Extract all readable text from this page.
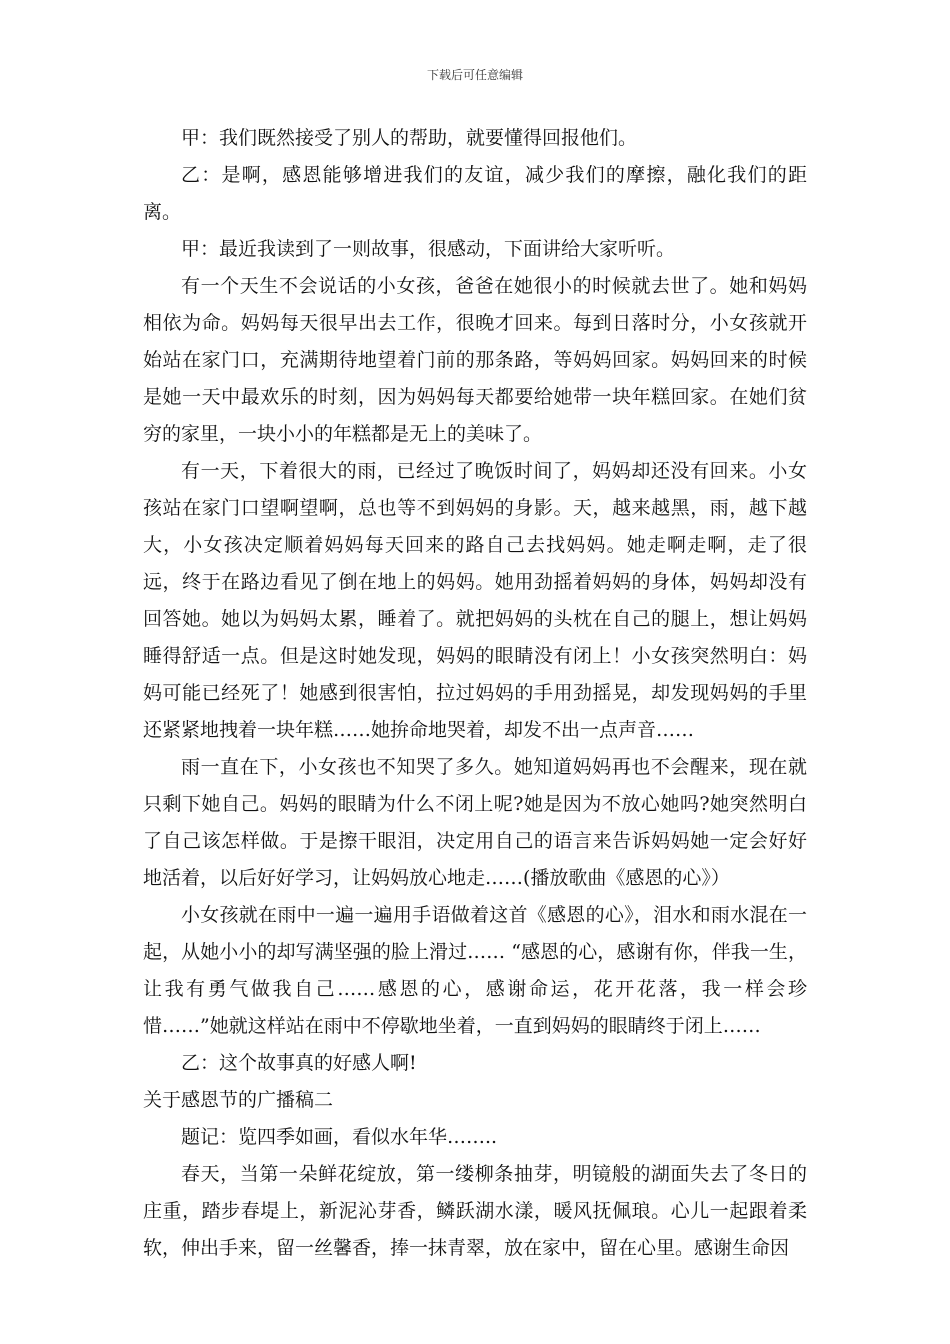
下载后可任意编辑

甲：我们既然接受了别人的帮助，就要懂得回报他们。

乙：是啊，感恩能够增进我们的友谊，减少我们的摩擦，融化我们的距离。

甲：最近我读到了一则故事，很感动，下面讲给大家听听。

有一个天生不会说话的小女孩，爸爸在她很小的时候就去世了。她和妈妈相依为命。妈妈每天很早出去工作，很晚才回来。每到日落时分，小女孩就开始站在家门口，充满期待地望着门前的那条路，等妈妈回家。妈妈回来的时候是她一天中最欢乐的时刻，因为妈妈每天都要给她带一块年糕回家。在她们贫穷的家里，一块小小的年糕都是无上的美味了。

有一天，下着很大的雨，已经过了晚饭时间了，妈妈却还没有回来。小女孩站在家门口望啊望啊，总也等不到妈妈的身影。天，越来越黑，雨，越下越大，小女孩决定顺着妈妈每天回来的路自己去找妈妈。她走啊走啊，走了很远，终于在路边看见了倒在地上的妈妈。她用劲摇着妈妈的身体，妈妈却没有回答她。她以为妈妈太累，睡着了。就把妈妈的头枕在自己的腿上，想让妈妈睡得舒适一点。但是这时她发现，妈妈的眼睛没有闭上！小女孩突然明白：妈妈可能已经死了！她感到很害怕，拉过妈妈的手用劲摇晃，却发现妈妈的手里还紧紧地拽着一块年糕……她拚命地哭着，却发不出一点声音……

雨一直在下，小女孩也不知哭了多久。她知道妈妈再也不会醒来，现在就只剩下她自己。妈妈的眼睛为什么不闭上呢?她是因为不放心她吗?她突然明白了自己该怎样做。于是擦干眼泪，决定用自己的语言来告诉妈妈她一定会好好地活着，以后好好学习，让妈妈放心地走……(播放歌曲《感恩的心》）

小女孩就在雨中一遍一遍用手语做着这首《感恩的心》，泪水和雨水混在一起，从她小小的却写满坚强的脸上滑过…… “感恩的心，感谢有你，伴我一生，让我有勇气做我自己……感恩的心，感谢命运，花开花落，我一样会珍惜……”她就这样站在雨中不停歇地坐着，一直到妈妈的眼睛终于闭上……

乙：这个故事真的好感人啊!

关于感恩节的广播稿二

题记：览四季如画，看似水年华……..

春天，当第一朵鲜花绽放，第一缕柳条抽芽，明镜般的湖面失去了冬日的庄重，踏步春堤上，新泥沁芽香，鳞跃湖水漾，暖风抚佩琅。心儿一起跟着柔软，伸出手来，留一丝馨香，捧一抹青翠，放在家中，留在心里。感谢生命因
